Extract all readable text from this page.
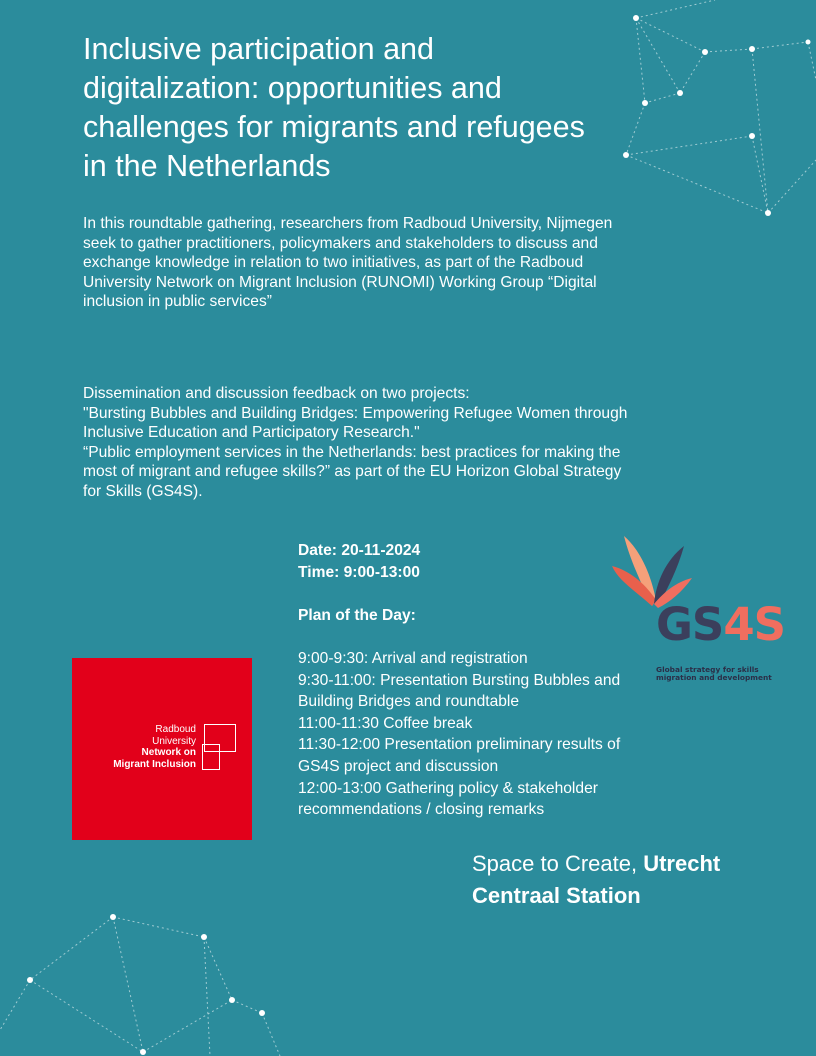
Inclusive participation and digitalization: opportunities and challenges for migrants and refugees in the Netherlands

In this roundtable gathering, researchers from Radboud University, Nijmegen seek to gather practitioners, policymakers and stakeholders to discuss and exchange knowledge in relation to two initiatives, as part of the Radboud University Network on Migrant Inclusion (RUNOMI) Working Group “Digital inclusion in public services”

Dissemination and discussion feedback on two projects:

"Bursting Bubbles and Building Bridges: Empowering Refugee Women through Inclusive Education and Participatory Research."

“Public employment services in the Netherlands: best practices for making the most of migrant and refugee skills?” as part of the EU Horizon Global Strategy for Skills (GS4S).

Date: 20-11-2024

Time: 9:00-13:00

Plan of the Day:

9:00-9:30: Arrival and registration

9:30-11:00: Presentation Bursting Bubbles and Building Bridges and roundtable

11:00-11:30 Coffee break

11:30-12:00 Presentation preliminary results of GS4S project and discussion

12:00-13:00 Gathering policy & stakeholder recommendations / closing remarks

Radboud
University
Network on
Migrant Inclusion
GS4S
Global strategy for skills
migration and development

Space to Create, Utrecht Centraal Station
